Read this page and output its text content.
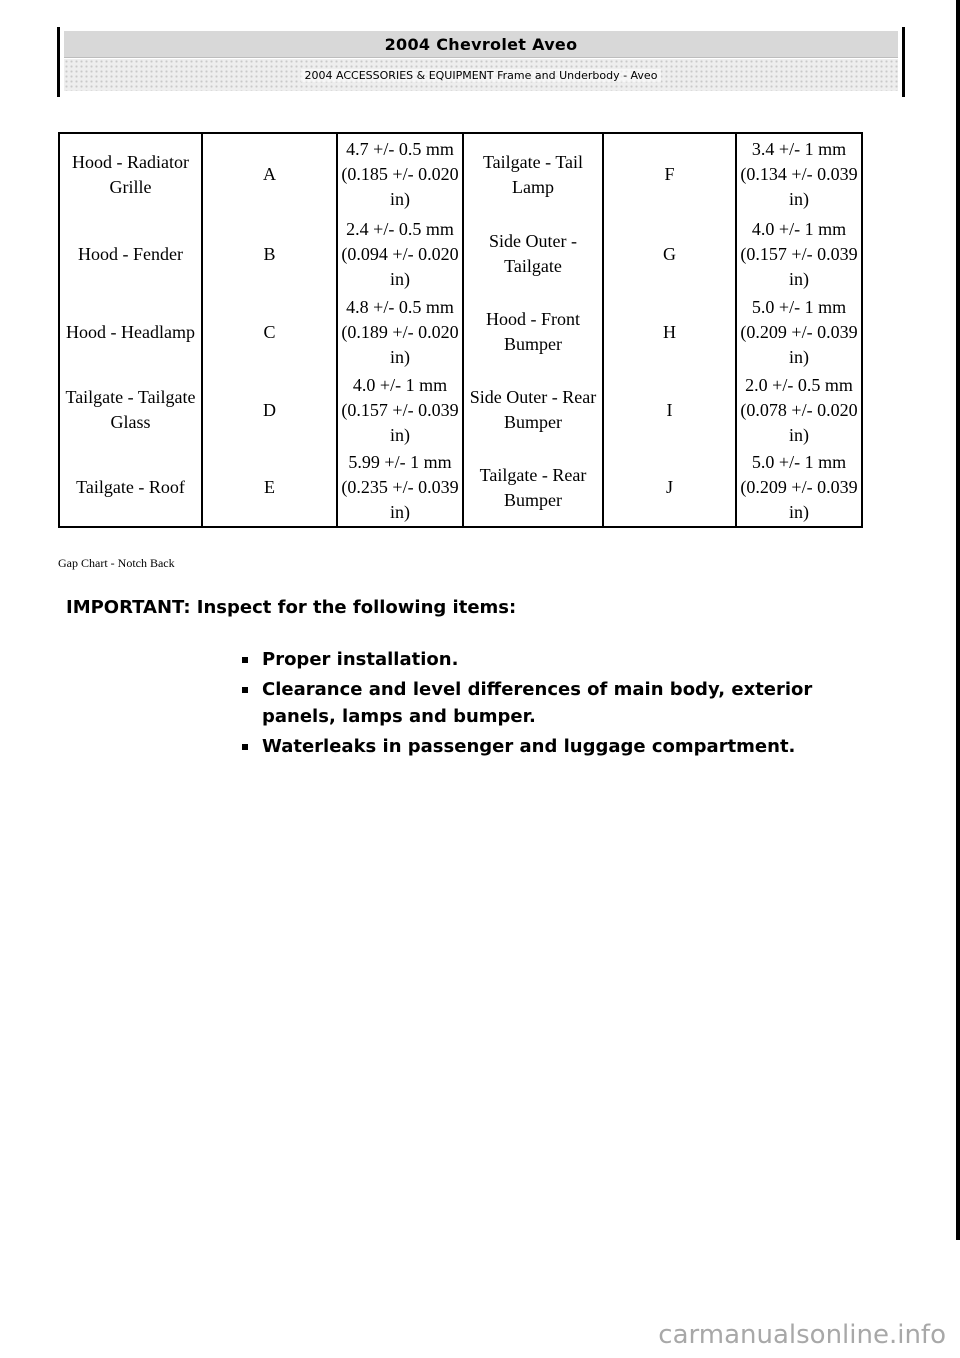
2004 Chevrolet Aveo
2004 ACCESSORIES & EQUIPMENT Frame and Underbody - Aveo
Hood - Radiator Grille	A	4.7 +/- 0.5 mm (0.185 +/- 0.020 in)	Tailgate - Tail Lamp	F	3.4 +/- 1 mm (0.134 +/- 0.039 in)
Hood - Fender	B	2.4 +/- 0.5 mm (0.094 +/- 0.020 in)	Side Outer - Tailgate	G	4.0 +/- 1 mm (0.157 +/- 0.039 in)
Hood - Headlamp	C	4.8 +/- 0.5 mm (0.189 +/- 0.020 in)	Hood - Front Bumper	H	5.0 +/- 1 mm (0.209 +/- 0.039 in)
Tailgate - Tailgate Glass	D	4.0 +/- 1 mm (0.157 +/- 0.039 in)	Side Outer - Rear Bumper	I	2.0 +/- 0.5 mm (0.078 +/- 0.020 in)
Tailgate - Roof	E	5.99 +/- 1 mm (0.235 +/- 0.039 in)	Tailgate - Rear Bumper	J	5.0 +/- 1 mm (0.209 +/- 0.039 in)
Gap Chart - Notch Back
IMPORTANT: Inspect for the following items:
Proper installation.
Clearance and level differences of main body, exterior panels, lamps and bumper.
Waterleaks in passenger and luggage compartment.
carmanualsonline.info
